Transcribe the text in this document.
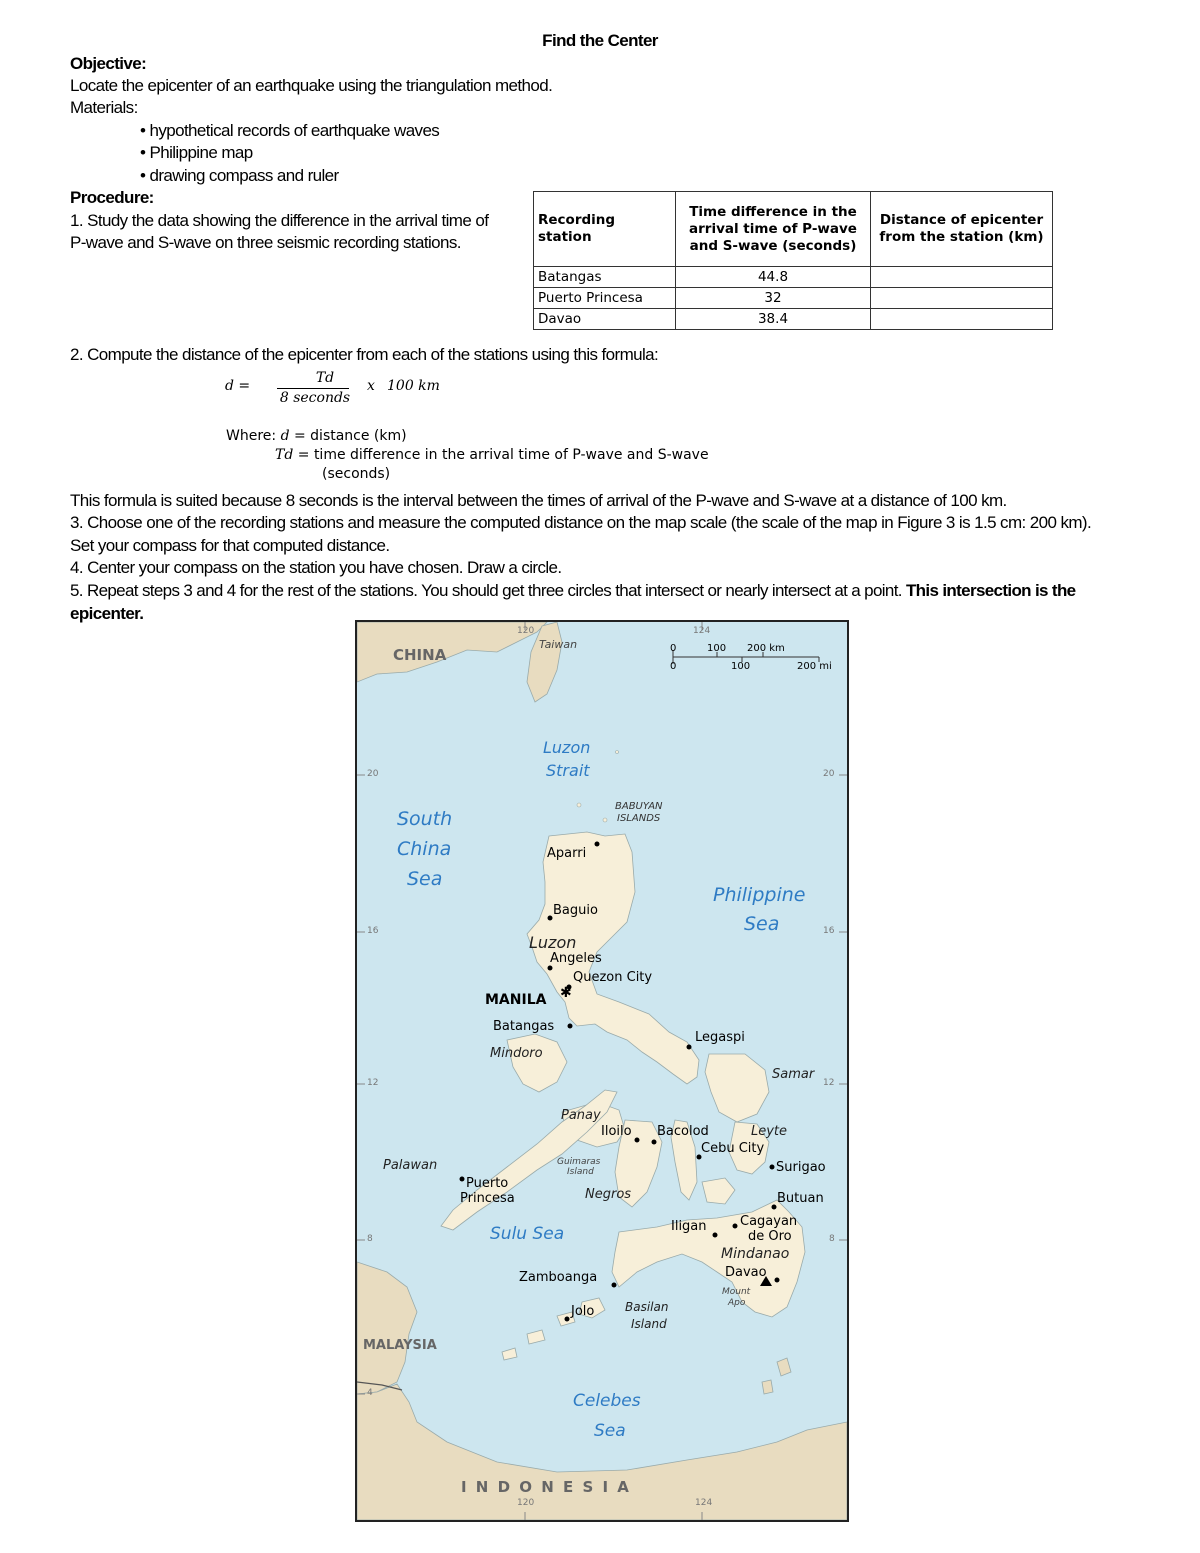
Find the Center
Objective:
Locate the epicenter of an earthquake using the triangulation method.
Materials:
• hypothetical records of earthquake waves
• Philippine map
• drawing compass and ruler
Procedure:
1. Study the data showing the difference in the arrival time of
P-wave and S-wave on three seismic recording stations.
Recording station	Time difference in the arrival time of P-wave and S-wave (seconds)	Distance of epicenter from the station (km)
Batangas	44.8	
Puerto Princesa	32	
Davao	38.4	
2. Compute the distance of the epicenter from each of the stations using this formula:
d =	Td
8 seconds
x 100 km
Where: d = distance (km)
Td = time difference in the arrival time of P-wave and S-wave
(seconds)
This formula is suited because 8 seconds is the interval between the times of arrival of the P-wave and S-wave at a distance of 100 km.
3. Choose one of the recording stations and measure the computed distance on the map scale (the scale of the map in Figure 3 is 1.5 cm: 200 km).
Set your compass for that computed distance.
4. Center your compass on the station you have chosen. Draw a circle.
5. Repeat steps 3 and 4 for the rest of the stations. You should get three circles that intersect or nearly intersect at a point. This intersection is the
epicenter.
✱
CHINA
Taiwan
MALAYSIA
I N D O N E S I A
Luzon
Strait
South
China
Sea
Philippine
Sea
Sulu Sea
Celebes
Sea
BABUYAN
ISLANDS
Luzon
Mindoro
Samar
Panay
Leyte
Palawan	Guimaras
Island
Negros
Mindanao
Basilan
Island
Mount
Apo
Aparri
Baguio
Angeles
Quezon City
MANILA
Batangas
Legaspi
Iloilo Bacolod
Cebu City
Surigao
Puerto
Princesa	Butuan
Iligan	Cagayan
de Oro
Davao
Zamboanga
Jolo
120	124
120	124
20	20
16	16
12	12
8	8
4
0	100 200 km
0	100	200 mi
